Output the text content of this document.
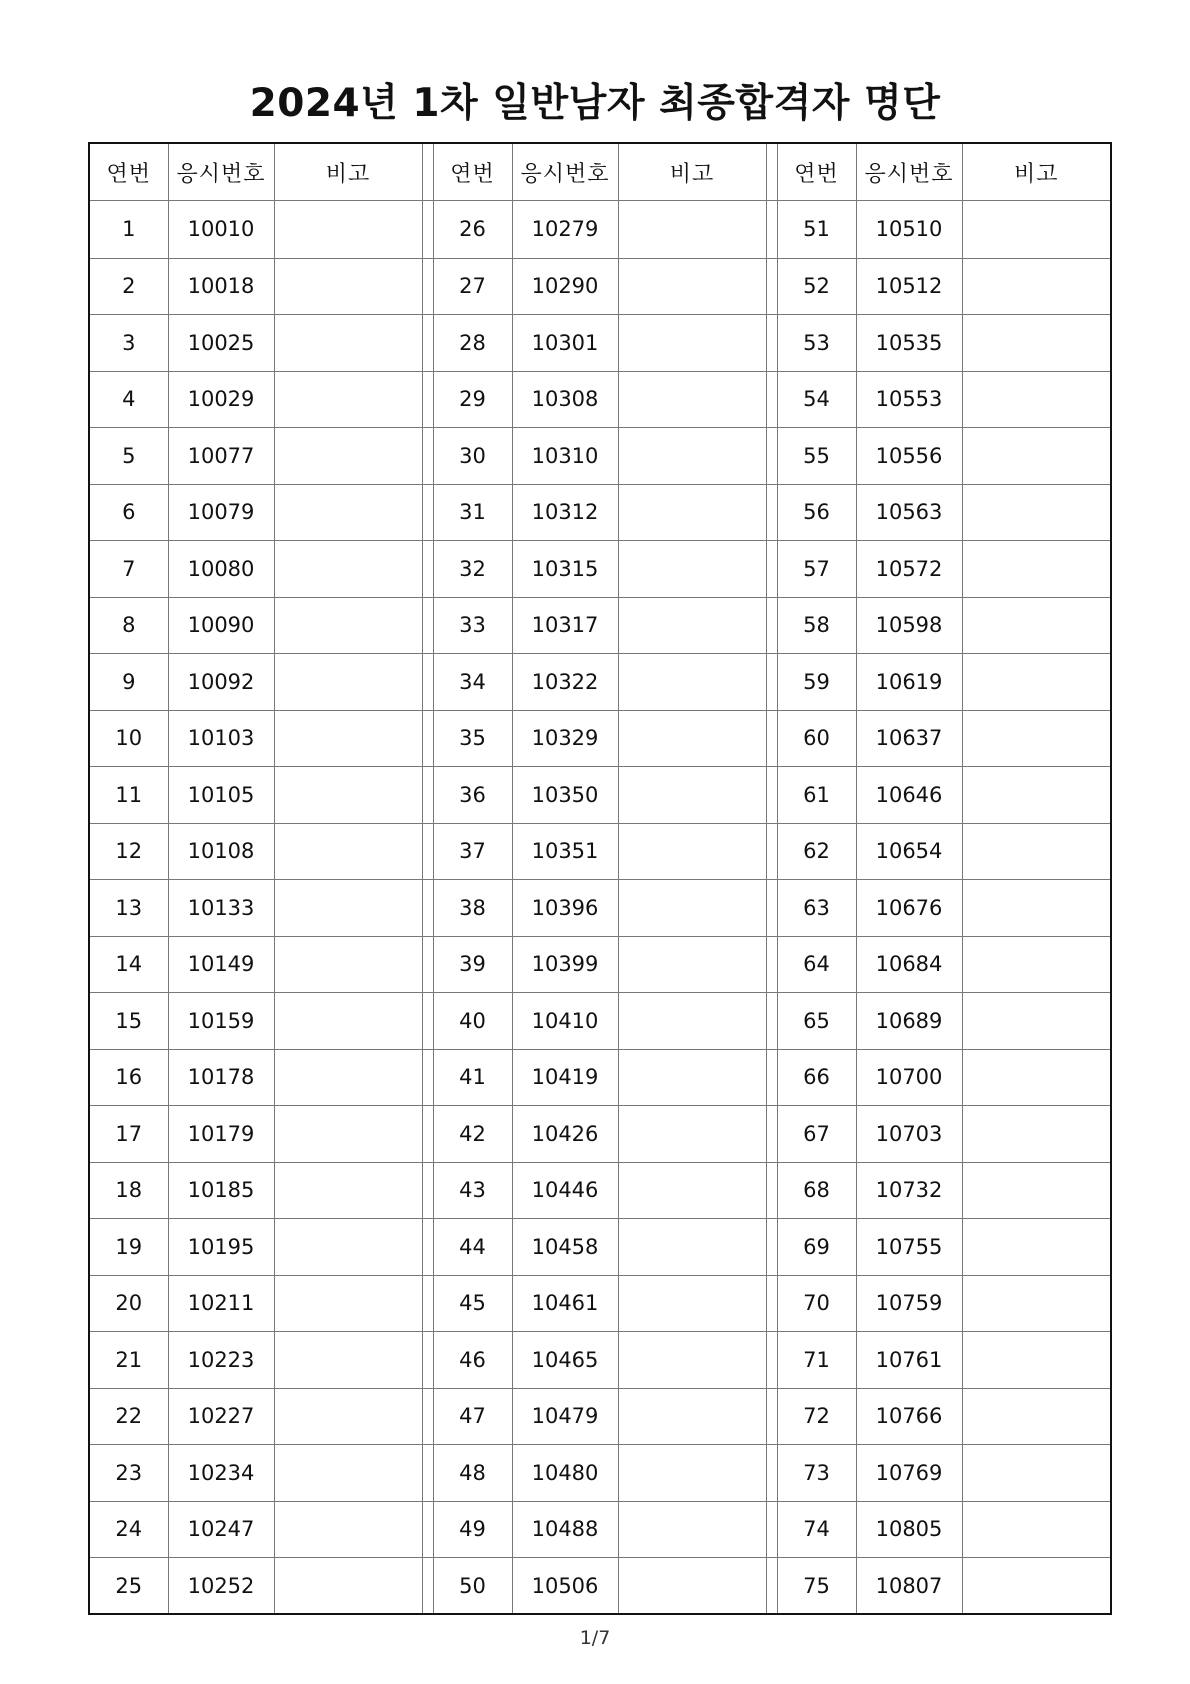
2024년 1차 일반남자 최종합격자 명단
연번	응시번호	비고		연번	응시번호	비고		연번	응시번호	비고
1	10010			26	10279			51	10510	
2	10018			27	10290			52	10512	
3	10025			28	10301			53	10535	
4	10029			29	10308			54	10553	
5	10077			30	10310			55	10556	
6	10079			31	10312			56	10563	
7	10080			32	10315			57	10572	
8	10090			33	10317			58	10598	
9	10092			34	10322			59	10619	
10	10103			35	10329			60	10637	
11	10105			36	10350			61	10646	
12	10108			37	10351			62	10654	
13	10133			38	10396			63	10676	
14	10149			39	10399			64	10684	
15	10159			40	10410			65	10689	
16	10178			41	10419			66	10700	
17	10179			42	10426			67	10703	
18	10185			43	10446			68	10732	
19	10195			44	10458			69	10755	
20	10211			45	10461			70	10759	
21	10223			46	10465			71	10761	
22	10227			47	10479			72	10766	
23	10234			48	10480			73	10769	
24	10247			49	10488			74	10805	
25	10252			50	10506			75	10807	
1/7
